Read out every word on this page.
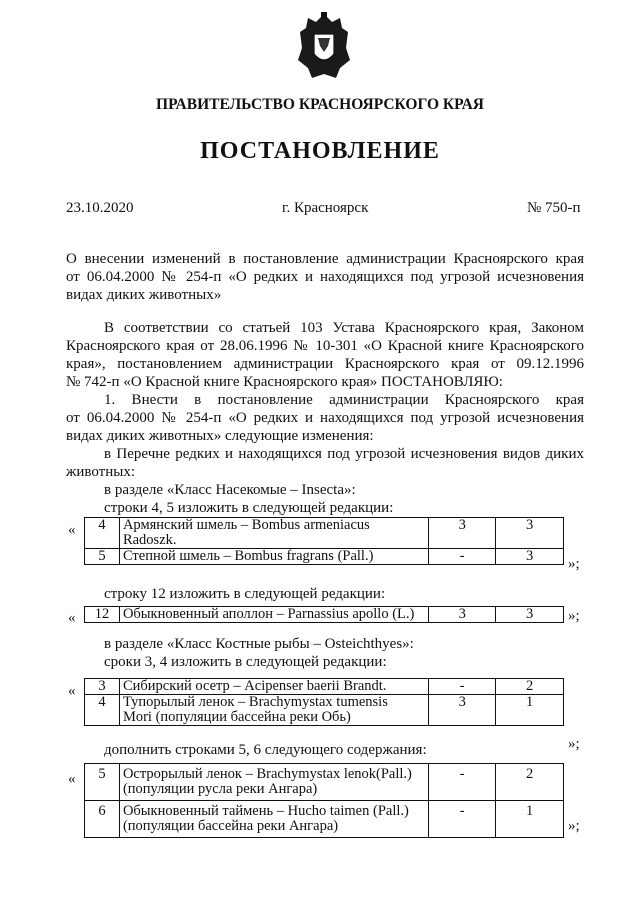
ПРАВИТЕЛЬСТВО КРАСНОЯРСКОГО КРАЯ
ПОСТАНОВЛЕНИЕ
23.10.2020	г. Красноярск	№ 750-п
О внесении изменений в постановление администрации Красноярского края
от 06.04.2000 № 254-п «О редких и находящихся под угрозой исчезновения
видах диких животных»
В соответствии со статьей 103 Устава Красноярского края, Законом
Красноярского края от 28.06.1996 № 10-301 «О Красной книге Красноярского
края», постановлением администрации Красноярского края от 09.12.1996
№ 742-п «О Красной книге Красноярского края» ПОСТАНОВЛЯЮ:
1. Внести в постановление администрации Красноярского края
от 06.04.2000 № 254-п «О редких и находящихся под угрозой исчезновения
видах диких животных» следующие изменения:
в Перечне редких и находящихся под угрозой исчезновения видов диких
животных:
в разделе «Класс Насекомые – Insecta»:
строки 4, 5 изложить в следующей редакции:
« 4	Армянский шмель – Bombus armeniacus
Radoszk.	3	3
5	Степной шмель – Bombus fragrans (Pall.)	-	3 »;
строку 12 изложить в следующей редакции:
« 12	Обыкновенный аполлон – Parnassius apollo (L.)	3	3 »;
в разделе «Класс Костные рыбы – Osteichthyes»:
сроки 3, 4 изложить в следующей редакции:
« 3	Сибирский осетр – Acipenser baerii Brandt.	-	2
4	Тупорылый ленок – Brachymystax tumensis
Mori (популяции бассейна реки Обь)	3	1
»;
дополнить строками 5, 6 следующего содержания:
« 5	Острорылый ленок – Brachymystax lenok(Pall.)
(популяции русла реки Ангара)	-	2
6	Обыкновенный таймень – Hucho taimen (Pall.)
(популяции бассейна реки Ангара)	-	1
»;
